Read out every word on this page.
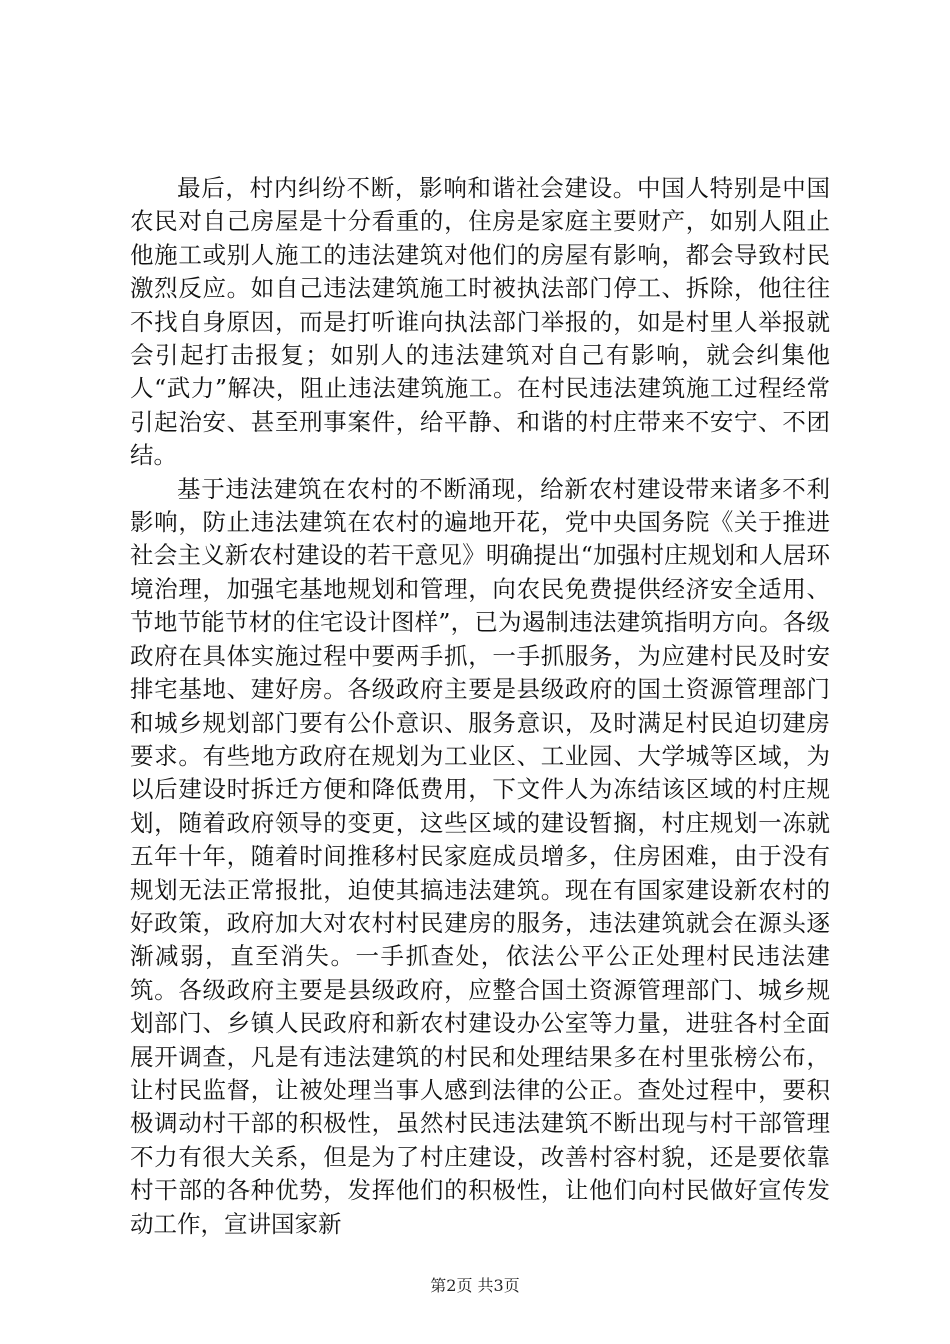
最后，村内纠纷不断，影响和谐社会建设。中国人特别是中国农民对自己房屋是十分看重的，住房是家庭主要财产，如别人阻止他施工或别人施工的违法建筑对他们的房屋有影响，都会导致村民激烈反应。如自己违法建筑施工时被执法部门停工、拆除，他往往不找自身原因，而是打听谁向执法部门举报的，如是村里人举报就会引起打击报复；如别人的违法建筑对自己有影响，就会纠集他人“武力”解决，阻止违法建筑施工。在村民违法建筑施工过程经常引起治安、甚至刑事案件，给平静、和谐的村庄带来不安宁、不团结。

基于违法建筑在农村的不断涌现，给新农村建设带来诸多不利影响，防止违法建筑在农村的遍地开花，党中央国务院《关于推进社会主义新农村建设的若干意见》明确提出“加强村庄规划和人居环境治理，加强宅基地规划和管理，向农民免费提供经济安全适用、节地节能节材的住宅设计图样”，已为遏制违法建筑指明方向。各级政府在具体实施过程中要两手抓，一手抓服务，为应建村民及时安排宅基地、建好房。各级政府主要是县级政府的国土资源管理部门和城乡规划部门要有公仆意识、服务意识，及时满足村民迫切建房要求。有些地方政府在规划为工业区、工业园、大学城等区域，为以后建设时拆迁方便和降低费用，下文件人为冻结该区域的村庄规划，随着政府领导的变更，这些区域的建设暂搁，村庄规划一冻就五年十年，随着时间推移村民家庭成员增多，住房困难，由于没有规划无法正常报批，迫使其搞违法建筑。现在有国家建设新农村的好政策，政府加大对农村村民建房的服务，违法建筑就会在源头逐渐减弱，直至消失。一手抓查处，依法公平公正处理村民违法建筑。各级政府主要是县级政府，应整合国土资源管理部门、城乡规划部门、乡镇人民政府和新农村建设办公室等力量，进驻各村全面展开调查，凡是有违法建筑的村民和处理结果多在村里张榜公布，让村民监督，让被处理当事人感到法律的公正。查处过程中，要积极调动村干部的积极性，虽然村民违法建筑不断出现与村干部管理不力有很大关系，但是为了村庄建设，改善村容村貌，还是要依靠村干部的各种优势，发挥他们的积极性，让他们向村民做好宣传发动工作，宣讲国家新

第2页 共3页
